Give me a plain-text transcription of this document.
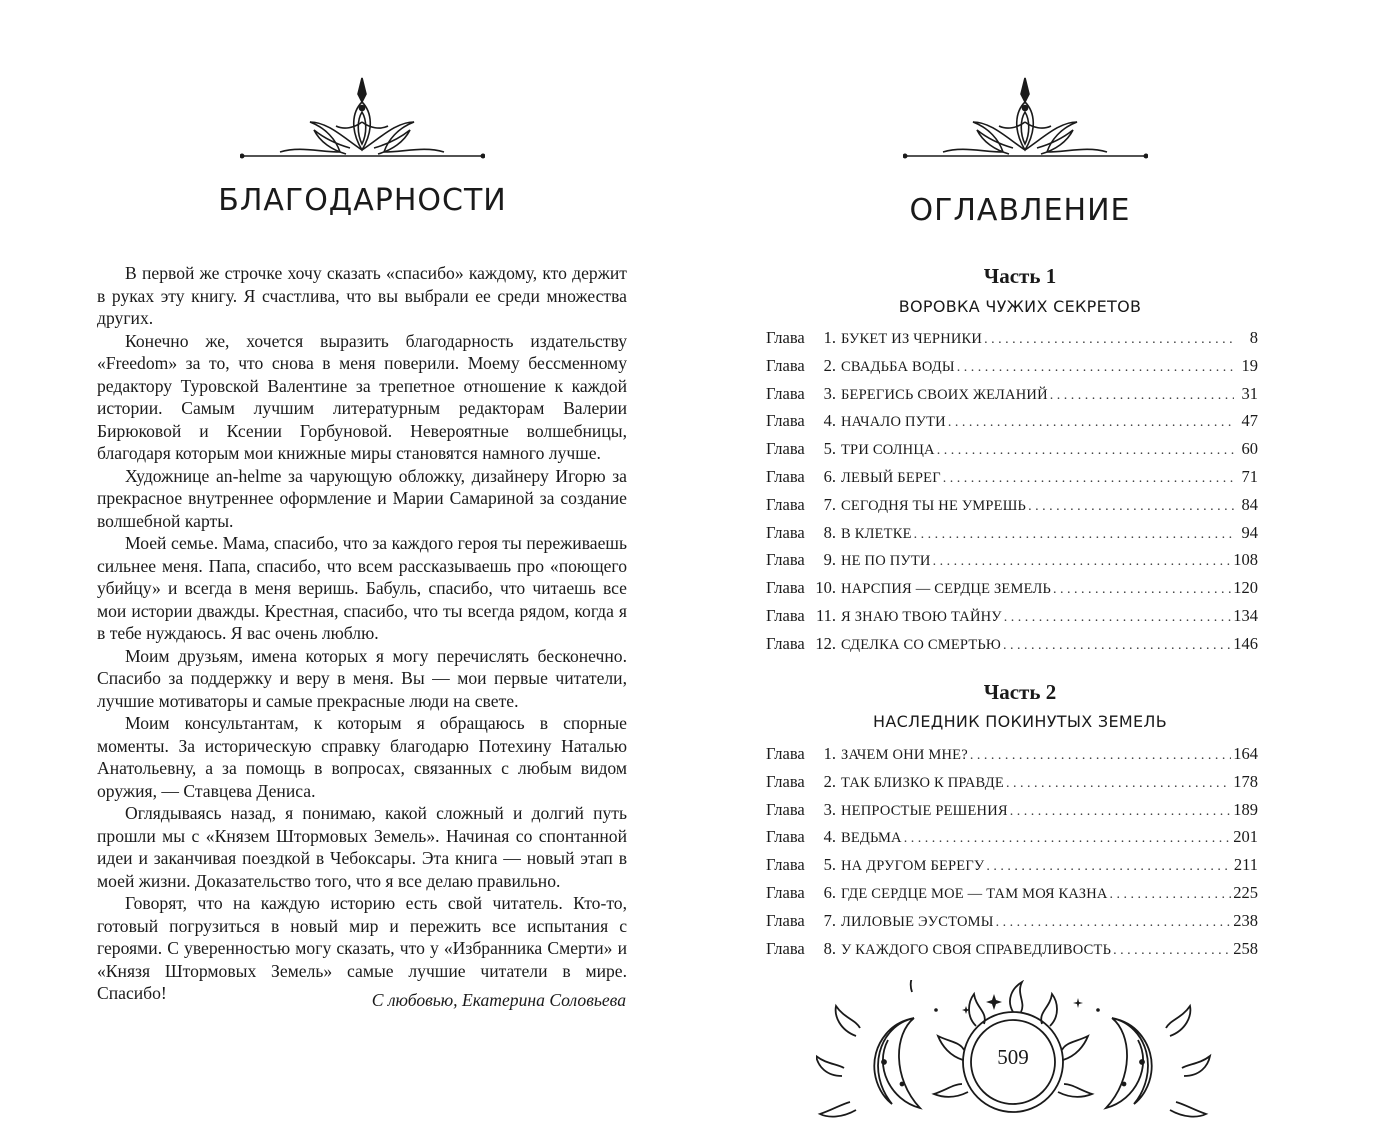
БЛАГОДАРНОСТИ

В первой же строчке хочу сказать «спасибо» каждому, кто держит в руках эту книгу. Я счастлива, что вы выбрали ее среди множества других.

Конечно же, хочется выразить благодарность издательству «Freedom» за то, что снова в меня поверили. Моему бессменному редактору Туровской Валентине за трепетное отношение к каждой истории. Самым лучшим литературным редакторам Валерии Бирюковой и Ксении Горбуновой. Невероятные волшебницы, благодаря которым мои книжные миры становятся намного лучше.

Художнице an-helme за чарующую обложку, дизайнеру Игорю за прекрасное внутреннее оформление и Марии Самариной за создание волшебной карты.

Моей семье. Мама, спасибо, что за каждого героя ты переживаешь сильнее меня. Папа, спасибо, что всем рассказываешь про «поющего убийцу» и всегда в меня веришь. Бабуль, спасибо, что читаешь все мои истории дважды. Крестная, спасибо, что ты всегда рядом, когда я в тебе нуждаюсь. Я вас очень люблю.

Моим друзьям, имена которых я могу перечислять бесконечно. Спасибо за поддержку и веру в меня. Вы — мои первые читатели, лучшие мотиваторы и самые прекрасные люди на свете.

Моим консультантам, к которым я обращаюсь в спорные моменты. За историческую справку благодарю Потехину Наталью Анатольевну, а за помощь в вопросах, связанных с любым видом оружия, — Ставцева Дениса.

Оглядываясь назад, я понимаю, какой сложный и долгий путь прошли мы с «Князем Штормовых Земель». Начиная со спонтанной идеи и заканчивая поездкой в Чебоксары. Эта книга — новый этап в моей жизни. Доказательство того, что я все делаю правильно.

Говорят, что на каждую историю есть свой читатель. Кто-то, готовый погрузиться в новый мир и пережить все испытания с героями. С уверенностью могу сказать, что у «Избранника Смерти» и «Князя Штормовых Земель» самые лучшие читатели в мире. Спасибо!	С любовью, Екатерина Соловьева
ОГЛАВЛЕНИЕ
Часть 1
ВОРОВКА ЧУЖИХ СЕКРЕТОВ
Глава	1. БУКЕТ ИЗ ЧЕРНИКИ . . .	8
Глава	2. СВАДЬБА ВОДЫ . . .	19
Глава	3. БЕРЕГИСЬ СВОИХ ЖЕЛАНИЙ . . .	31
Глава	4. НАЧАЛО ПУТИ . . .	47
Глава	5. ТРИ СОЛНЦА . . .	60
Глава	6. ЛЕВЫЙ БЕРЕГ . . .	71
Глава	7. СЕГОДНЯ ТЫ НЕ УМРЕШЬ . . .	84
Глава	8. В КЛЕТКЕ . . .	94
Глава	9. НЕ ПО ПУТИ . . .	108
Глава 10. НАРСПИЯ — СЕРДЦЕ ЗЕМЕЛЬ . . .	120
Глава 11. Я ЗНАЮ ТВОЮ ТАЙНУ . . .	134
Глава 12. СДЕЛКА СО СМЕРТЬЮ . . .	146
Часть 2
НАСЛЕДНИК ПОКИНУТЫХ ЗЕМЕЛЬ
Глава	1. ЗАЧЕМ ОНИ МНЕ? . . .	164
Глава	2. ТАК БЛИЗКО К ПРАВДЕ . . .	178
Глава	3. НЕПРОСТЫЕ РЕШЕНИЯ . . .	189
Глава	4. ВЕДЬМА . . .	201
Глава	5. НА ДРУГОМ БЕРЕГУ . . .	211
Глава	6. ГДЕ СЕРДЦЕ МОЕ — ТАМ МОЯ КАЗНА . . .	225
Глава	7. ЛИЛОВЫЕ ЭУСТОМЫ . . .	238
Глава	8. У КАЖДОГО СВОЯ СПРАВЕДЛИВОСТЬ . . .	258
509
